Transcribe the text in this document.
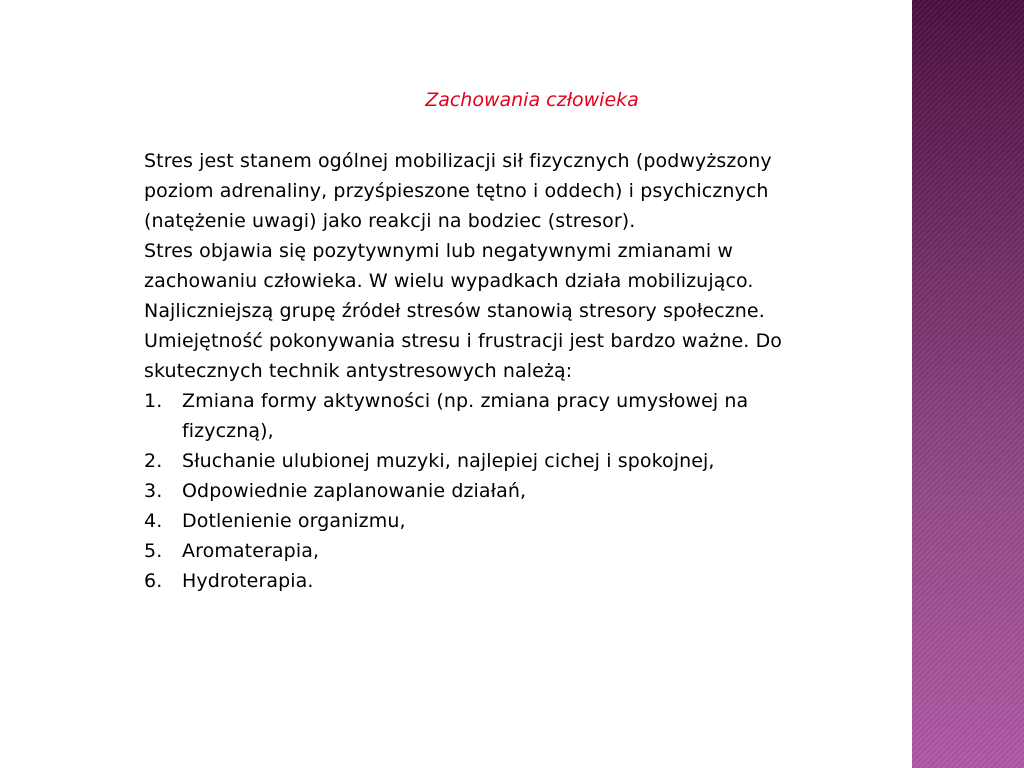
Zachowania człowieka

Stres jest stanem ogólnej mobilizacji sił fizycznych (podwyższony

poziom adrenaliny, przyśpieszone tętno i oddech) i psychicznych

(natężenie uwagi) jako reakcji na bodziec (stresor).

Stres objawia się pozytywnymi lub negatywnymi zmianami w

zachowaniu człowieka. W wielu wypadkach działa mobilizująco.

Najliczniejszą grupę źródeł stresów stanowią stresory społeczne.

Umiejętność pokonywania stresu i frustracji jest bardzo ważne. Do

skutecznych technik antystresowych należą:

1.	Zmiana formy aktywności (np. zmiana pracy umysłowej na
fizyczną),
2.	Słuchanie ulubionej muzyki, najlepiej cichej i spokojnej,
3.	Odpowiednie zaplanowanie działań,
4.	Dotlenienie organizmu,
5.	Aromaterapia,
6.	Hydroterapia.
